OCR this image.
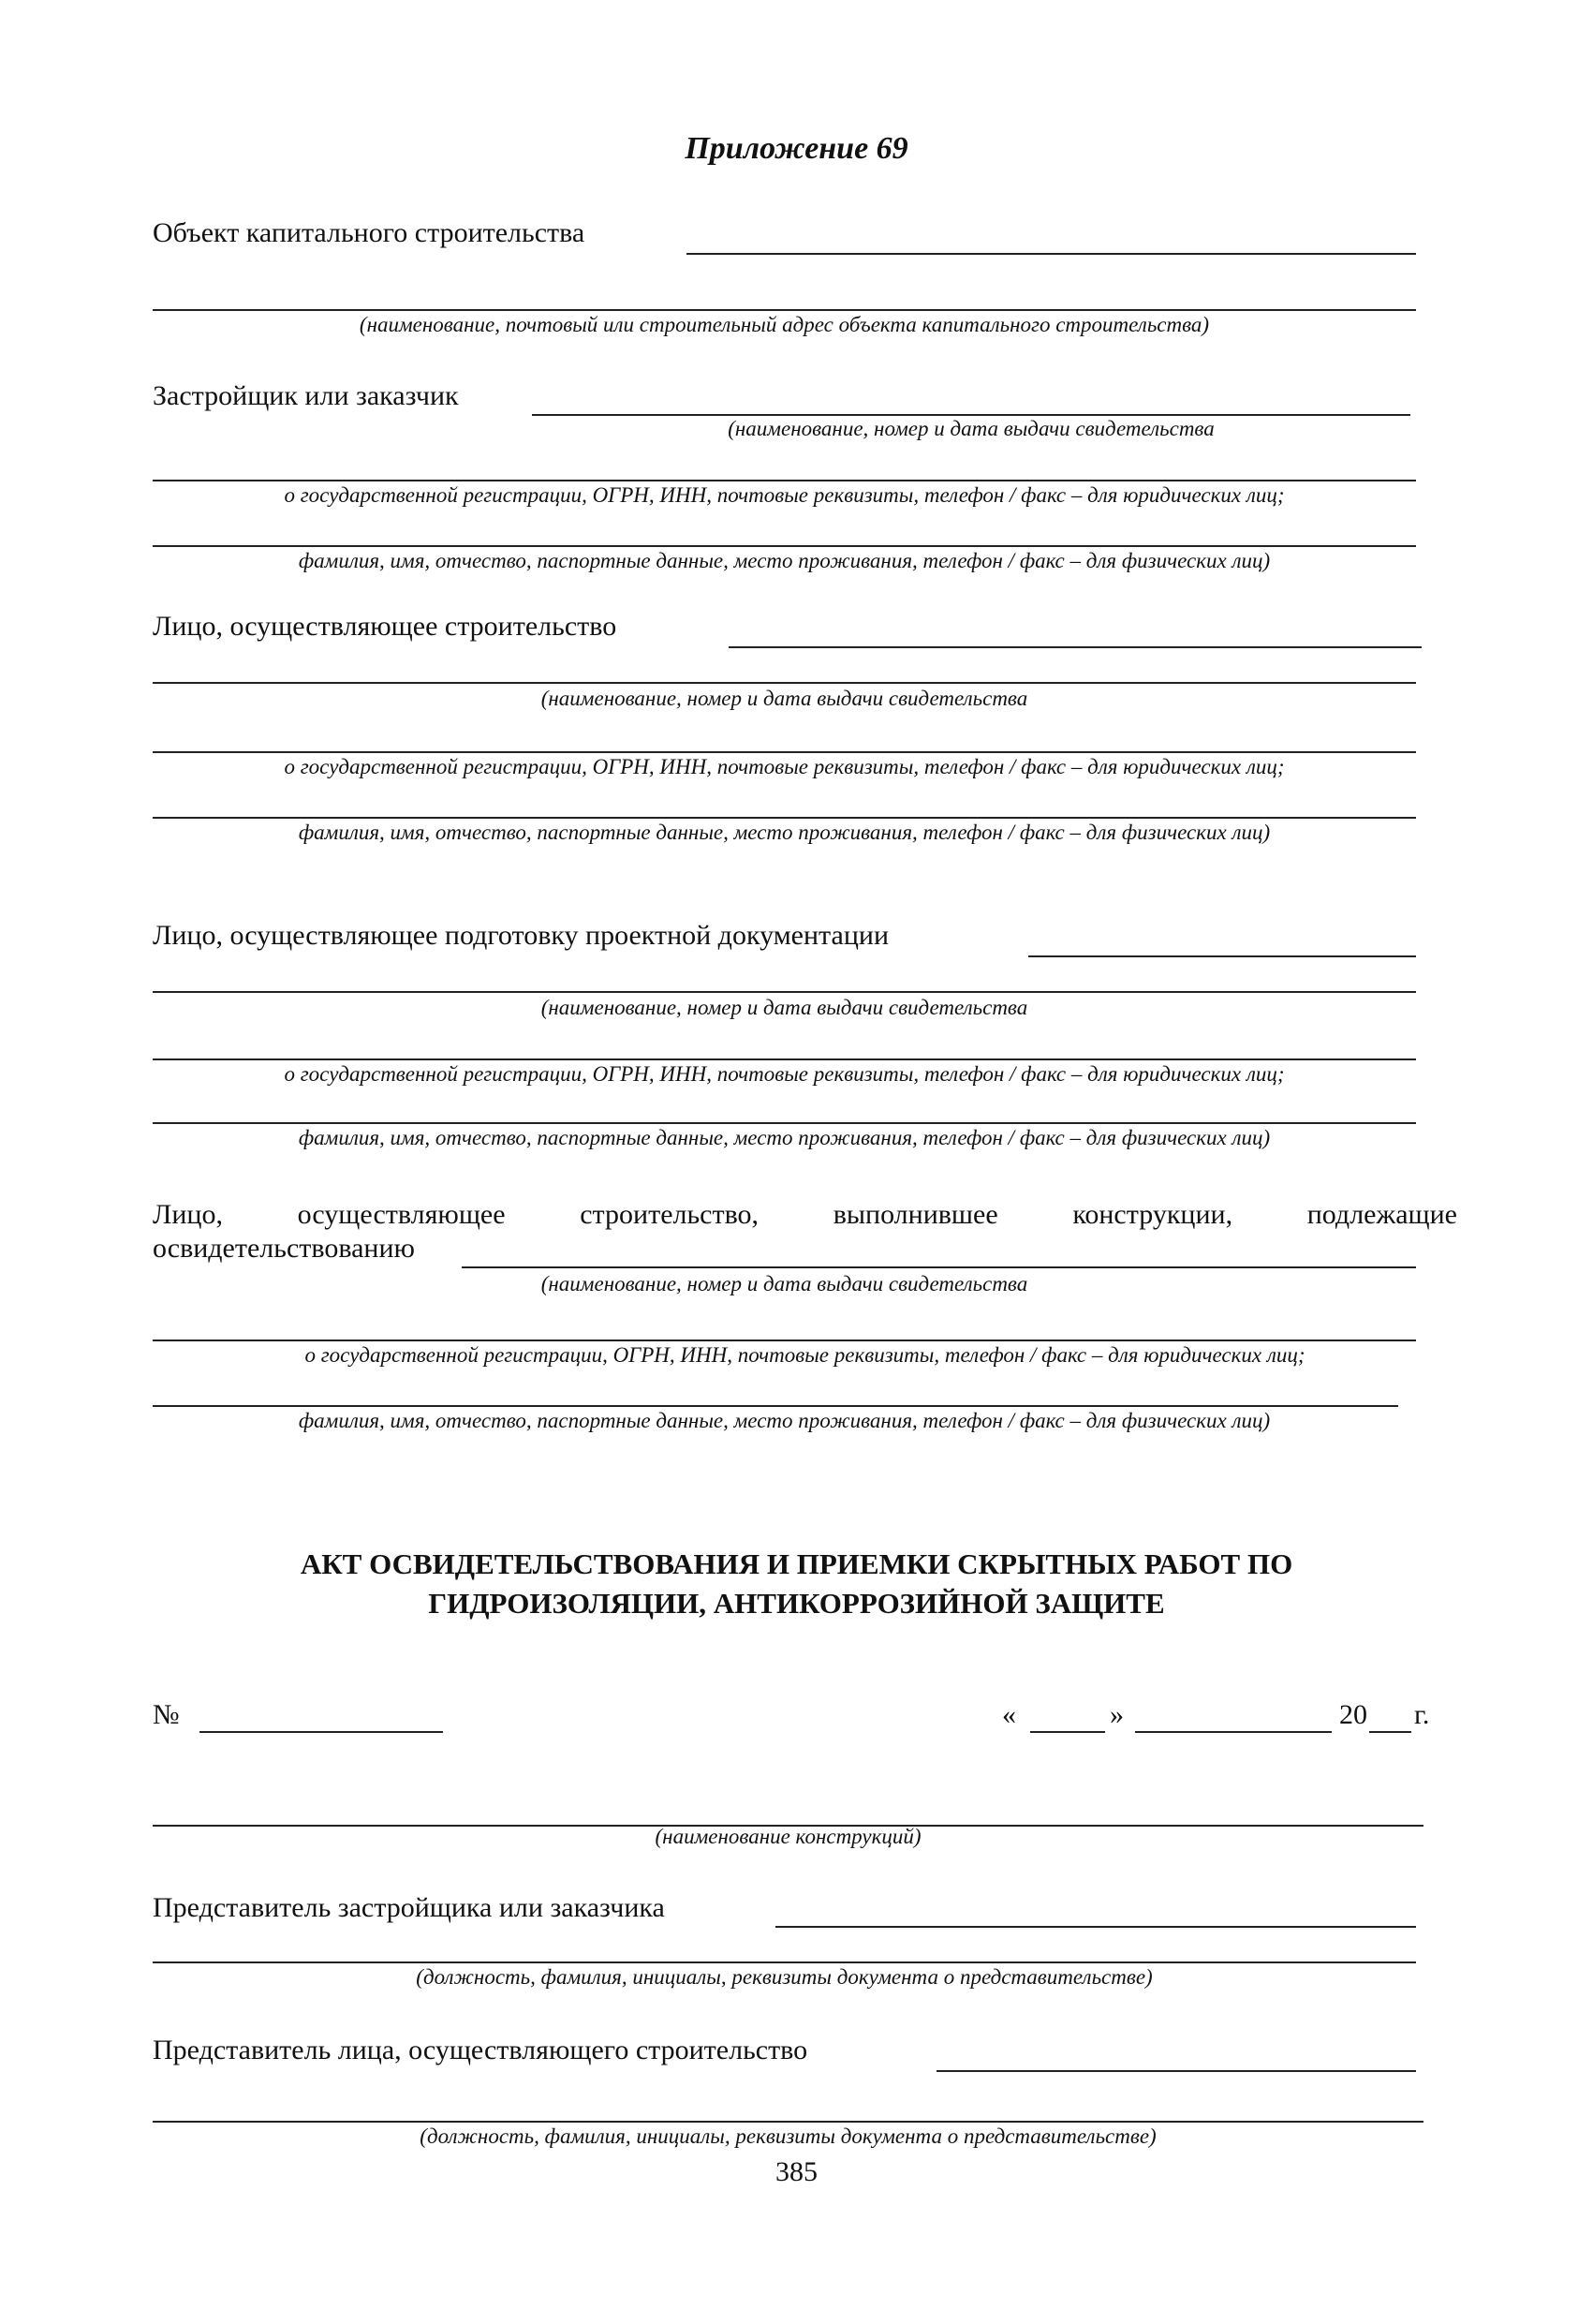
Приложение 69
Объект капитального строительства
(наименование, почтовый или строительный адрес объекта капитального строительства)
Застройщик или заказчик
(наименование, номер и дата выдачи свидетельства
о государственной регистрации, ОГРН, ИНН, почтовые реквизиты, телефон / факс – для юридических лиц;
фамилия, имя, отчество, паспортные данные, место проживания, телефон / факс – для физических лиц)
Лицо, осуществляющее строительство
(наименование, номер и дата выдачи свидетельства
о государственной регистрации, ОГРН, ИНН, почтовые реквизиты, телефон / факс – для юридических лиц;
фамилия, имя, отчество, паспортные данные, место проживания, телефон / факс – для физических лиц)
Лицо, осуществляющее подготовку проектной документации
(наименование, номер и дата выдачи свидетельства
о государственной регистрации, ОГРН, ИНН, почтовые реквизиты, телефон / факс – для юридических лиц;
фамилия, имя, отчество, паспортные данные, место проживания, телефон / факс – для физических лиц)
Лицо,	осуществляющее	строительство,	выполнившее	конструкции,	подлежащие
освидетельствованию
(наименование, номер и дата выдачи свидетельства
о государственной регистрации, ОГРН, ИНН, почтовые реквизиты, телефон / факс – для юридических лиц;
фамилия, имя, отчество, паспортные данные, место проживания, телефон / факс – для физических лиц)
АКТ ОСВИДЕТЕЛЬСТВОВАНИЯ И ПРИЕМКИ СКРЫТНЫХ РАБОТ ПО
ГИДРОИЗОЛЯЦИИ, АНТИКОРРОЗИЙНОЙ ЗАЩИТЕ
№	«	»	20 г.
(наименование конструкций)
Представитель застройщика или заказчика
(должность, фамилия, инициалы, реквизиты документа о представительстве)
Представитель лица, осуществляющего строительство
(должность, фамилия, инициалы, реквизиты документа о представительстве)
385
